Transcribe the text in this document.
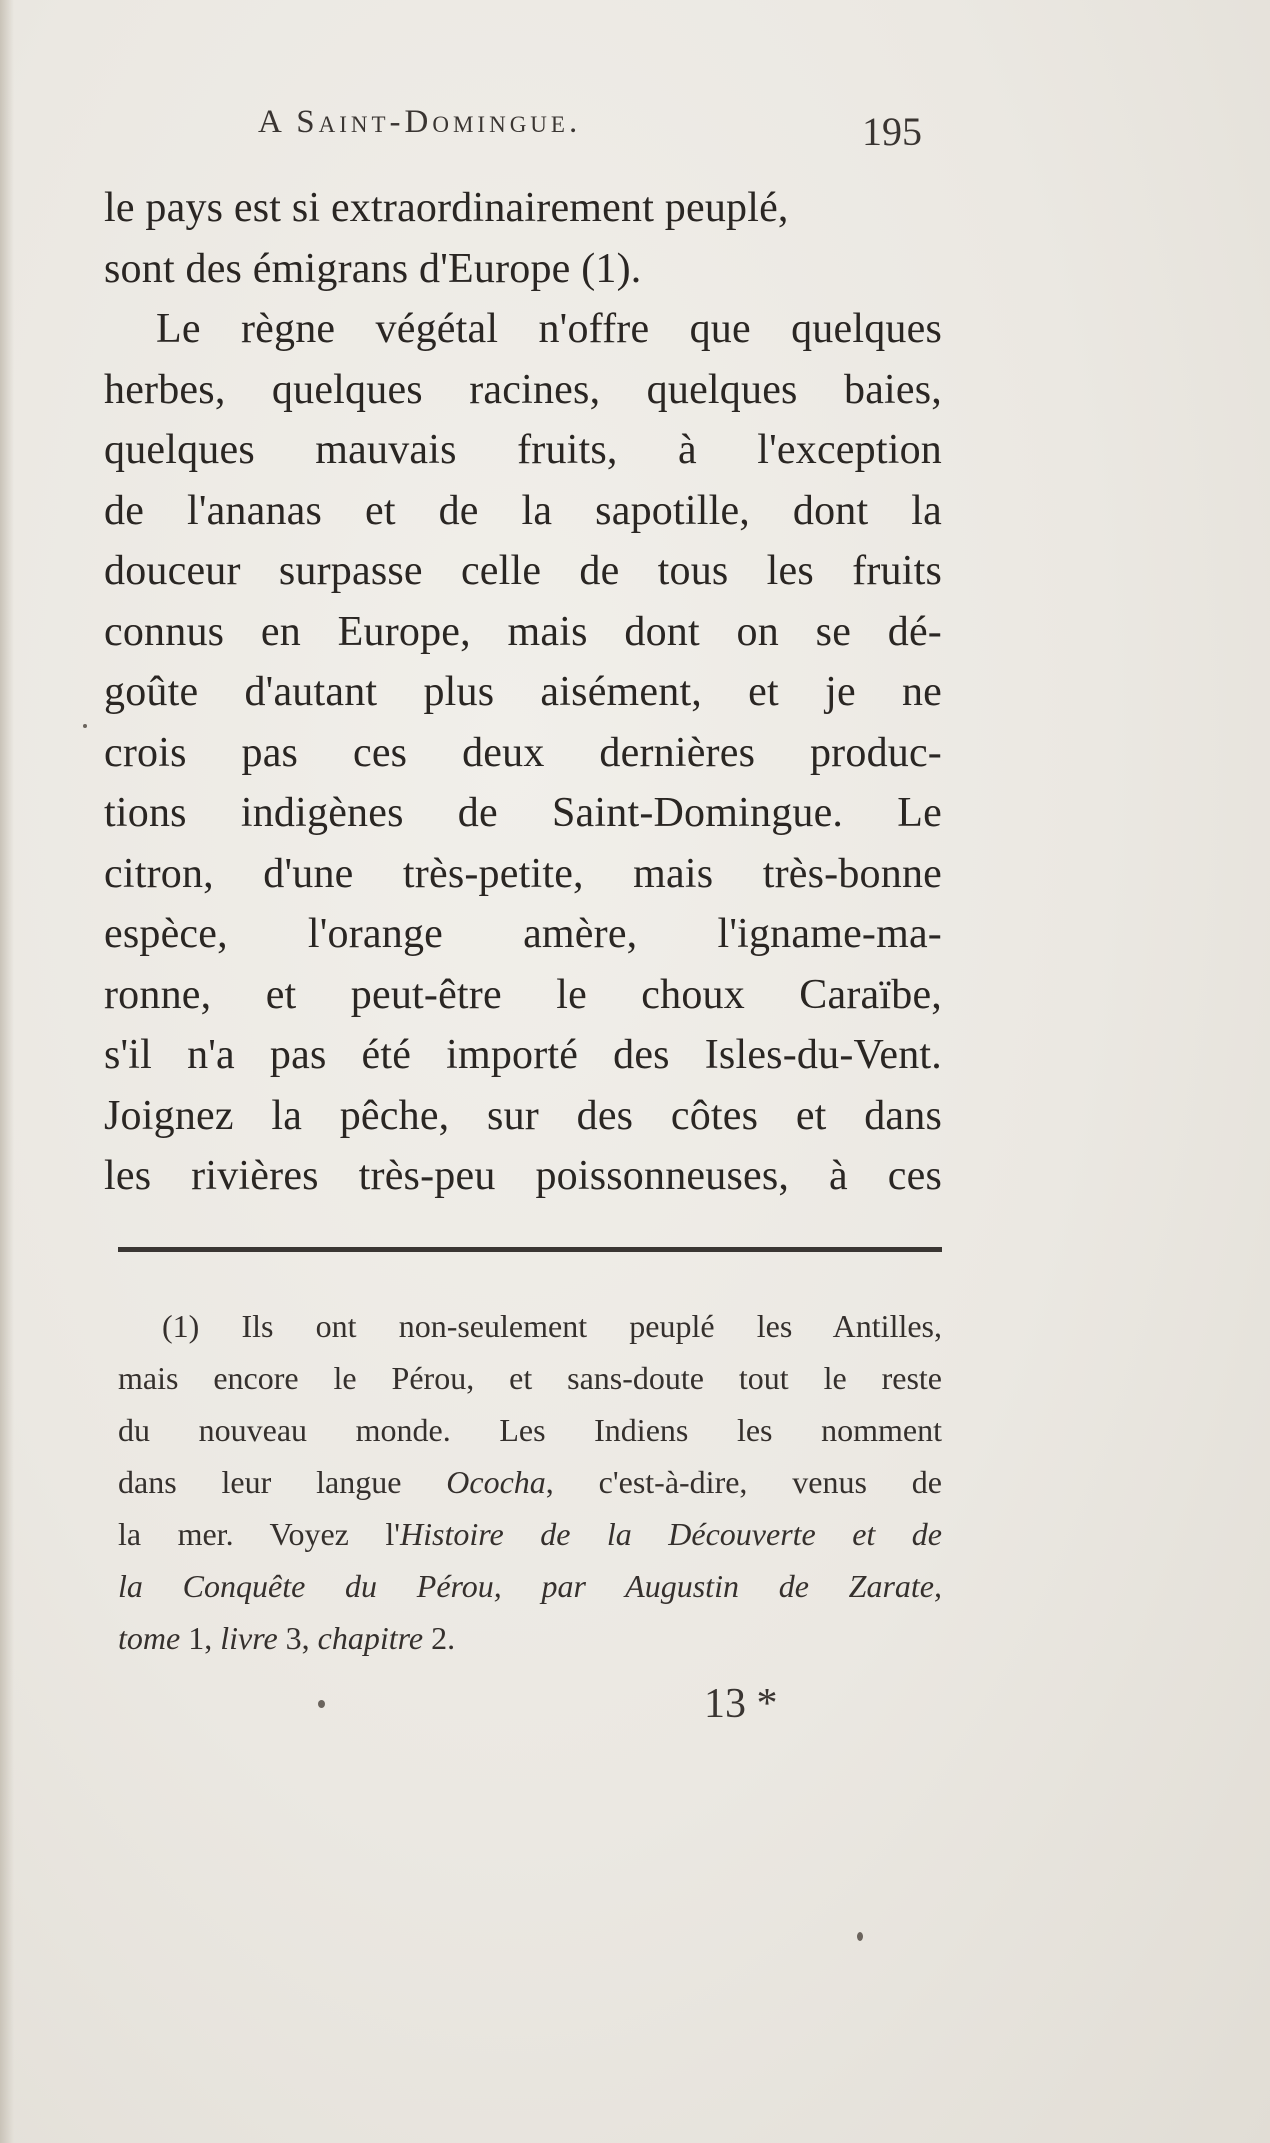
A Saint-Domingue.	195
le pays est si extraordinairement peuplé,
sont des émigrans d'Europe (1).
Le règne végétal n'offre que quelques
herbes, quelques racines, quelques baies,
quelques mauvais fruits, à l'exception
de l'ananas et de la sapotille, dont la
douceur surpasse celle de tous les fruits
connus en Europe, mais dont on se dé-
goûte d'autant plus aisément, et je ne
crois pas ces deux dernières produc-
tions indigènes de Saint-Domingue. Le
citron, d'une très-petite, mais très-bonne
espèce, l'orange amère, l'igname-ma-
ronne, et peut-être le choux Caraïbe,
s'il n'a pas été importé des Isles-du-Vent.
Joignez la pêche, sur des côtes et dans
les rivières très-peu poissonneuses, à ces
(1) Ils ont non-seulement peuplé les Antilles,
mais encore le Pérou, et sans-doute tout le reste
du nouveau monde. Les Indiens les nomment
dans leur langue Ococha, c'est-à-dire, venus de
la mer. Voyez l'Histoire de la Découverte et de
la Conquête du Pérou, par Augustin de Zarate,
tome 1, livre 3, chapitre 2.
13 *
